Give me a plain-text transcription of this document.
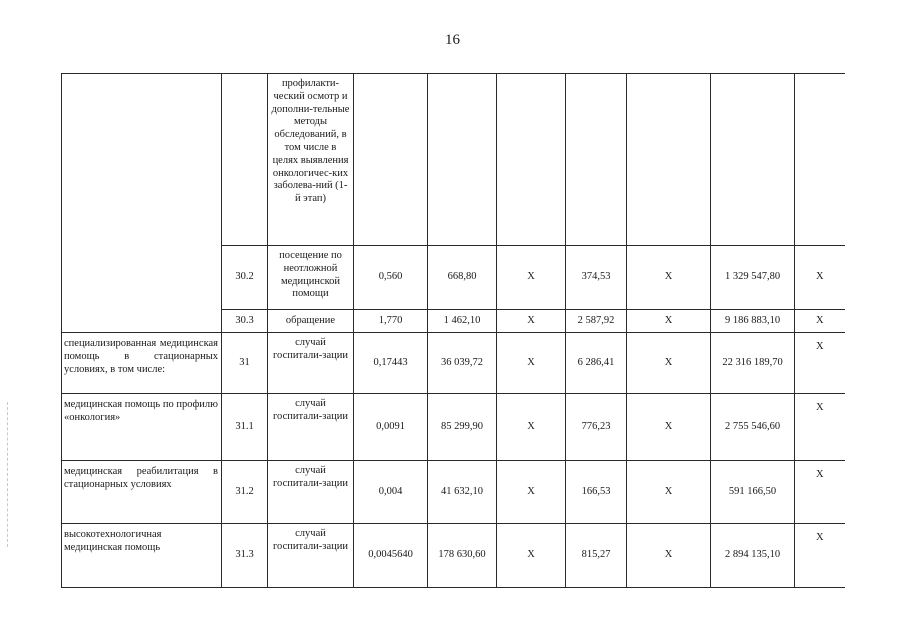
16
		профилакти-ческий осмотр и дополни-тельные методы обследований, в том числе в целях выявления онкологичес-ких заболева-ний (1-й этап)							
	30.2	посещение по неотложной медицинской помощи	0,560	668,80	X	374,53	X	1 329 547,80	X
	30.3	обращение	1,770	1 462,10	X	2 587,92	X	9 186 883,10	X
специализированная медицинская помощь в стационарных условиях, в том числе:	31	случай госпитали-зации	0,17443	36 039,72	X	6 286,41	X	22 316 189,70	X
медицинская помощь по профилю «онкология»	31.1	случай госпитали-зации	0,0091	85 299,90	X	776,23	X	2 755 546,60	X
медицинская реабилитация в стационарных условиях	31.2	случай госпитали-зации	0,004	41 632,10	X	166,53	X	591 166,50	X
высокотехнологичная медицинская помощь	31.3	случай госпитали-зации	0,0045640	178 630,60	X	815,27	X	2 894 135,10	X
